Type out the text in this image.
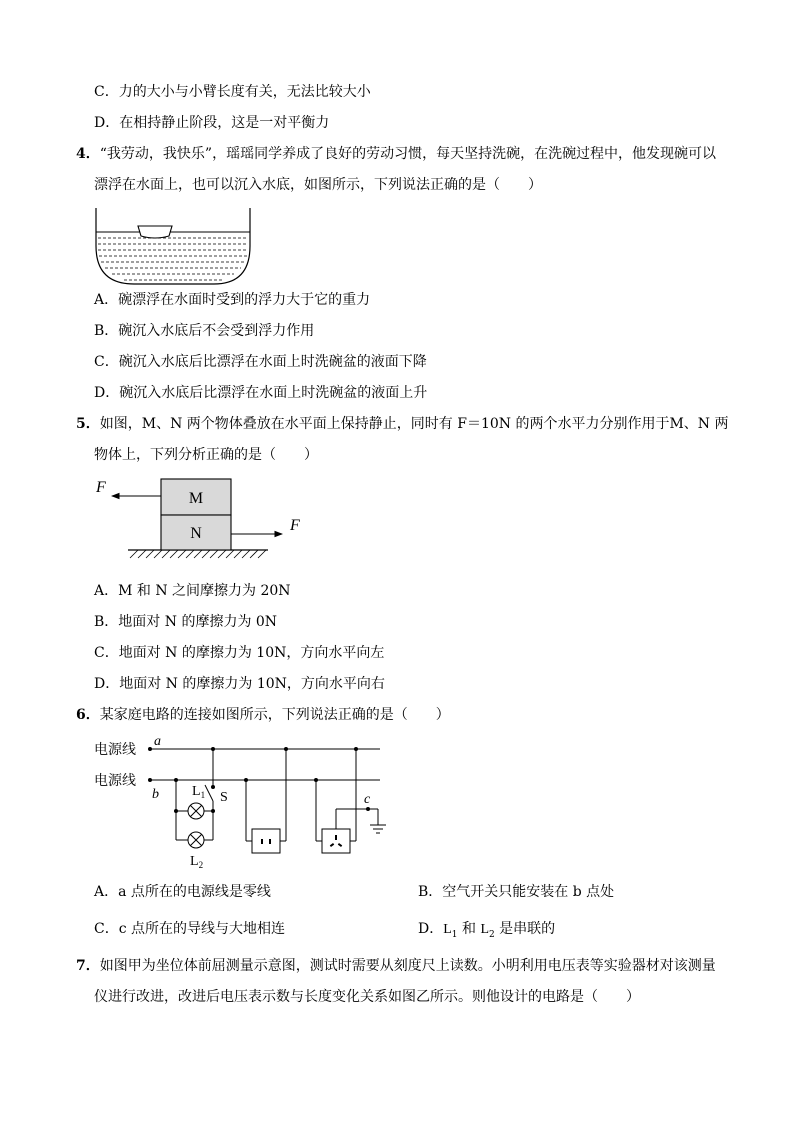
C．力的大小与小臂长度有关，无法比较大小
D．在相持静止阶段，这是一对平衡力
4．“我劳动，我快乐”，瑶瑶同学养成了良好的劳动习惯，每天坚持洗碗，在洗碗过程中，他发现碗可以
漂浮在水面上，也可以沉入水底，如图所示，下列说法正确的是（　　）
A．碗漂浮在水面时受到的浮力大于它的重力
B．碗沉入水底后不会受到浮力作用
C．碗沉入水底后比漂浮在水面上时洗碗盆的液面下降
D．碗沉入水底后比漂浮在水面上时洗碗盆的液面上升
5．如图，M、N 两个物体叠放在水平面上保持静止，同时有 F＝10N 的两个水平力分别作用于M、N 两
物体上，下列分析正确的是（　　）
M
N
F
F
A．M 和 N 之间摩擦力为 20N
B．地面对 N 的摩擦力为 0N
C．地面对 N 的摩擦力为 10N，方向水平向左
D．地面对 N 的摩擦力为 10N，方向水平向右
6．某家庭电路的连接如图所示，下列说法正确的是（　　）
电源线
电源线
a
b	c
$L_1$ S
$L_2$
A．a 点所在的电源线是零线	B．空气开关只能安装在 b 点处
C．c 点所在的导线与大地相连	D．$L_1$ 和 $L_2$ 是串联的
7．如图甲为坐位体前屈测量示意图，测试时需要从刻度尺上读数。小明利用电压表等实验器材对该测量
仪进行改进，改进后电压表示数与长度变化关系如图乙所示。则他设计的电路是（　　）
